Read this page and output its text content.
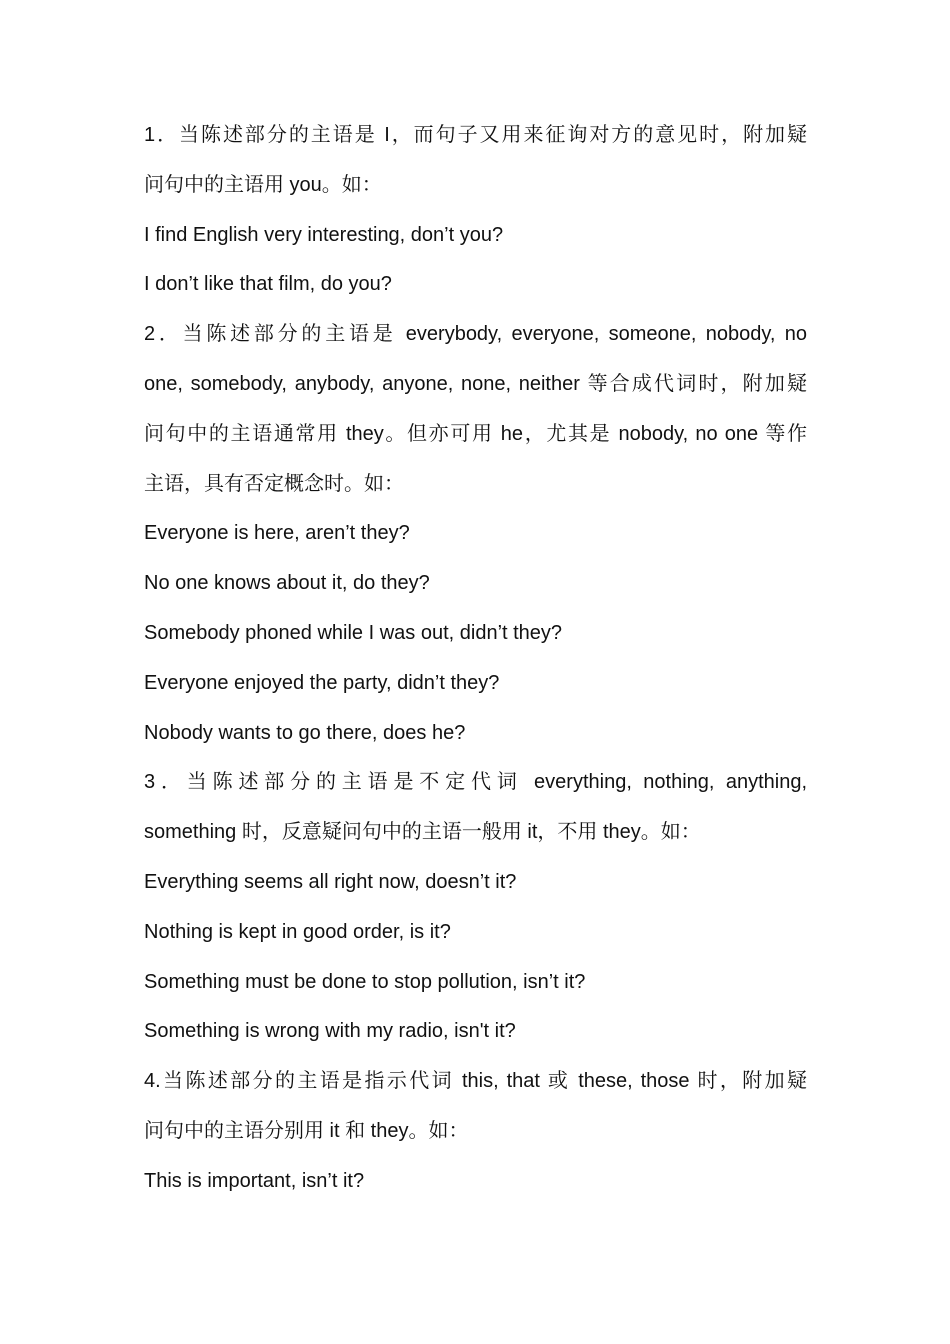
1．当陈述部分的主语是 I，而句子又用来征询对方的意见时，附加疑
问句中的主语用 you。如：
I find English very interesting, don’t you?
I don’t like that film, do you?
2．当陈述部分的主语是 everybody, everyone, someone, nobody, no
one, somebody, anybody, anyone, none, neither 等合成代词时，附加疑
问句中的主语通常用 they。但亦可用 he，尤其是 nobody, no one 等作
主语，具有否定概念时。如：
Everyone is here, aren’t they?
No one knows about it, do they?
Somebody phoned while I was out, didn’t they?
Everyone enjoyed the party, didn’t they?
Nobody wants to go there, does he?
3．当陈述部分的主语是不定代词 everything, nothing, anything,
something 时，反意疑问句中的主语一般用 it，不用 they。如：
Everything seems all right now, doesn’t it?
Nothing is kept in good order, is it?
Something must be done to stop pollution, isn’t it?
Something is wrong with my radio, isn't it?
4.当陈述部分的主语是指示代词 this, that 或 these, those 时，附加疑
问句中的主语分别用 it 和 they。如：
This is important, isn’t it?
